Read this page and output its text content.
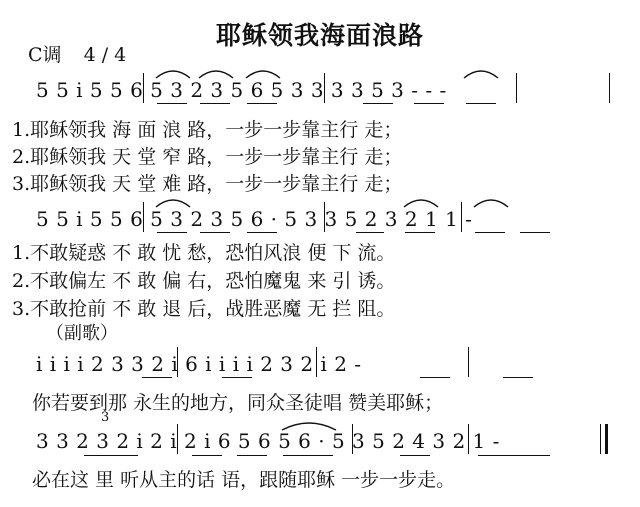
耶稣领我海面浪路
C调 4 / 4
5 5 i 5 5 6 5 3 2 3 5 6 5 3 3 3 3 5 3 - - -
1.耶稣领我 海 面 浪 路，一步一步靠主行 走；
2.耶稣领我 天 堂 窄 路，一步一步靠主行 走；
3.耶稣领我 天 堂 难 路，一步一步靠主行 走；
5 5 i 5 5 6 5 3 2 3 5 6 · 5 3 3 5 2 3 2 1 1 -
1.不敢疑惑 不 敢 忧 愁，恐怕风浪 便 下 流。
2.不敢偏左 不 敢 偏 右，恐怕魔鬼 来 引 诱。
3.不敢抢前 不 敢 退 后，战胜恶魔 无 拦 阻。
（副歌）
i i i i 2 3 3 2 i 6 i i i i 2 3 2 i 2 -
你若要到那 永生的地方，同众圣徒唱 赞美耶稣；
3
3 3 2 3 2 i 2 i 2 i 6 5 6 5 6 · 5 3 5 2 4 3 2 1 -
必在这 里 听从主的话 语，跟随耶稣 一步一步走。
